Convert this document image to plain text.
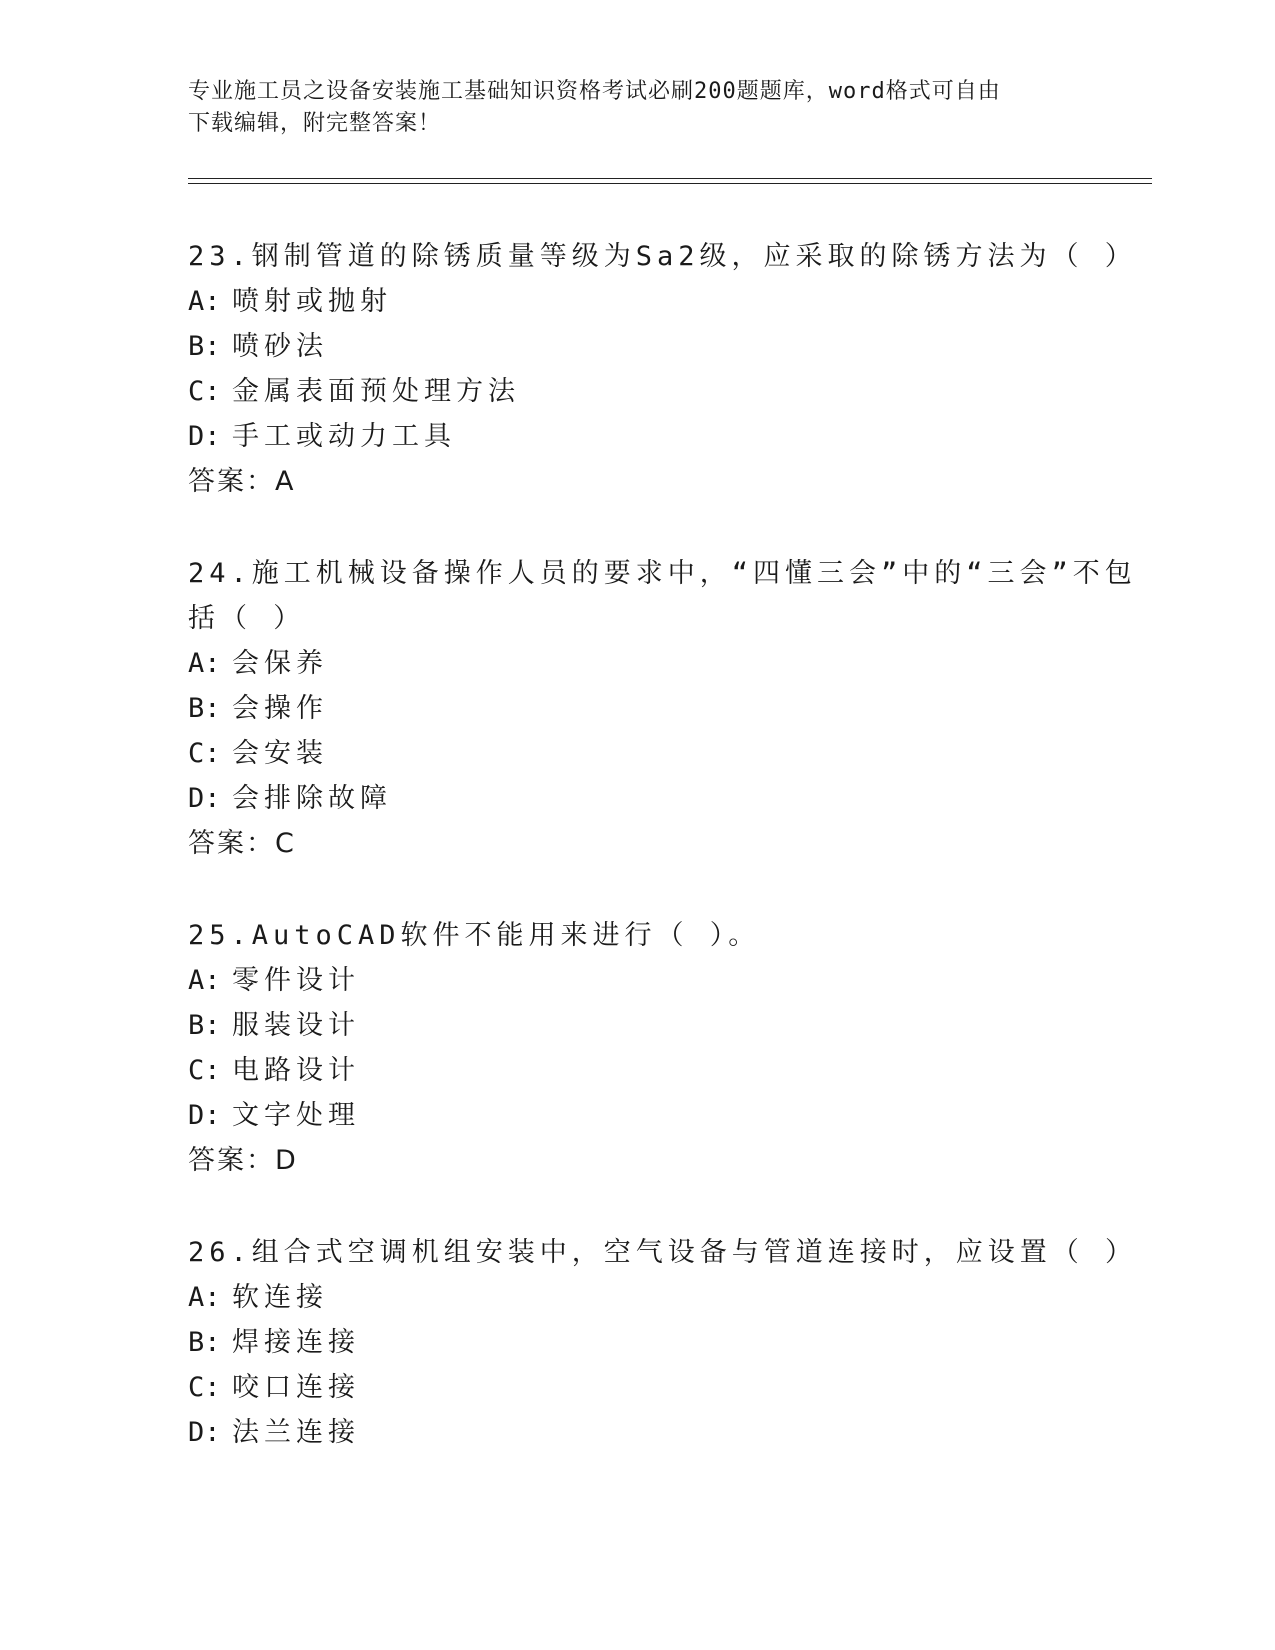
专业施工员之设备安装施工基础知识资格考试必刷200题题库，word格式可自由
下载编辑，附完整答案！
23.钢制管道的除锈质量等级为Sa2级，应采取的除锈方法为（ ）
A: 喷射或抛射
B: 喷砂法
C: 金属表面预处理方法
D: 手工或动力工具
答案：A
24.施工机械设备操作人员的要求中，“四懂三会”中的“三会”不包
括（ ）
A: 会保养
B: 会操作
C: 会安装
D: 会排除故障
答案：C
25.AutoCAD软件不能用来进行（ ）。
A: 零件设计
B: 服装设计
C: 电路设计
D: 文字处理
答案：D
26.组合式空调机组安装中，空气设备与管道连接时，应设置（ ）
A: 软连接
B: 焊接连接
C: 咬口连接
D: 法兰连接
